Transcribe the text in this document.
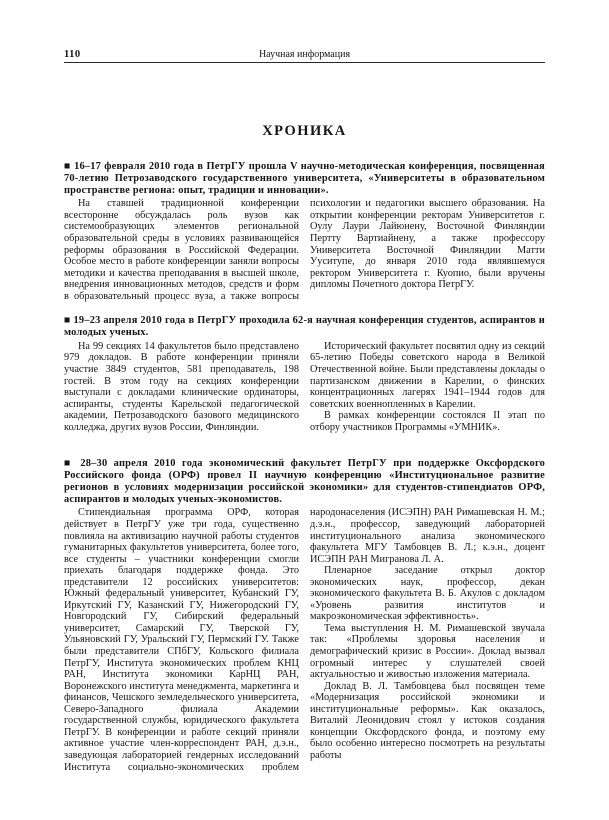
110	Научная информация
ХРОНИКА

■ 16–17 февраля 2010 года в ПетрГУ прошла V научно-методическая конференция, посвященная 70-летию Петрозаводского государственного университета, «Университеты в образовательном пространстве региона: опыт, традиции и инновации».

На ставшей традиционной конференции всесторонне обсуждалась роль вузов как системообразующих элементов региональной образовательной среды в условиях развивающейся реформы образования в Российской Федерации. Особое место в работе конференции заняли вопросы методики и качества преподавания в высшей школе, внедрения инновационных методов, средств и форм в образовательный процесс вуза, а также вопросы психологии и педагогики высшего образования. На открытии конференции ректорам Университетов г. Оулу Лаури Лайюнену, Восточной Финляндии Пертту Вартиайнену, а также профессору Университета Восточной Финляндии Матти Ууситупе, до января 2010 года являвшемуся ректором Университета г. Куопио, были вручены дипломы Почетного доктора ПетрГУ.

■ 19–23 апреля 2010 года в ПетрГУ проходила 62-я научная конференция студентов, аспирантов и молодых ученых.

На 99 секциях 14 факультетов было представлено 979 докладов. В работе конференции приняли участие 3849 студентов, 581 преподаватель, 198 гостей. В этом году на секциях конференции выступали с докладами клинические ординаторы, аспиранты, студенты Карельской педагогической академии, Петрозаводского базового медицинского колледжа, других вузов России, Финляндии.

Исторический факультет посвятил одну из секций 65-летию Победы советского народа в Великой Отечественной войне. Были представлены доклады о партизанском движении в Карелии, о финских концентрационных лагерях 1941–1944 годов для советских военнопленных в Карелии.

В рамках конференции состоялся II этап по отбору участников Программы «УМНИК».

■ 28–30 апреля 2010 года экономический факультет ПетрГУ при поддержке Оксфордского Российского фонда (ОРФ) провел II научную конференцию «Институциональное развитие регионов в условиях модернизации российской экономики» для студентов-стипендиатов ОРФ, аспирантов и молодых ученых-экономистов.

Стипендиальная программа ОРФ, которая действует в ПетрГУ уже три года, существенно повлияла на активизацию научной работы студентов гуманитарных факультетов университета, более того, все студенты – участники конференции смогли приехать благодаря поддержке фонда. Это представители 12 российских университетов: Южный федеральный университет, Кубанский ГУ, Иркутский ГУ, Казанский ГУ, Нижегородский ГУ, Новгородский ГУ, Сибирский федеральный университет, Самарский ГУ, Тверской ГУ, Ульяновский ГУ, Уральский ГУ, Пермский ГУ. Также были представители СПбГУ, Кольского филиала ПетрГУ, Института экономических проблем КНЦ РАН, Института экономики КарНЦ РАН, Воронежского института менеджмента, маркетинга и финансов, Чешского земледельческого университета, Северо-Западного филиала Академии государственной службы, юридического факультета ПетрГУ. В конференции и работе секций приняли активное участие член-корреспондент РАН, д.э.н., заведующая лабораторией гендерных исследований Института социально-экономических проблем народонаселения (ИСЭПН) РАН Римашевская Н. М.; д.э.н., профессор, заведующий лабораторией институционального анализа экономического факультета МГУ Тамбовцев В. Л.; к.э.н., доцент ИСЭПН РАН Мигранова Л. А.

Пленарное заседание открыл доктор экономических наук, профессор, декан экономического факультета В. Б. Акулов с докладом «Уровень развития институтов и макроэкономическая эффективность».

Тема выступления Н. М. Римашевской звучала так: «Проблемы здоровья населения и демографический кризис в России». Доклад вызвал огромный интерес у слушателей своей актуальностью и живостью изложения материала.

Доклад В. Л. Тамбовцева был посвящен теме «Модернизация российской экономики и институциональные реформы». Как оказалось, Виталий Леонидович стоял у истоков создания концепции Оксфордского фонда, и поэтому ему было особенно интересно посмотреть на результаты работы
